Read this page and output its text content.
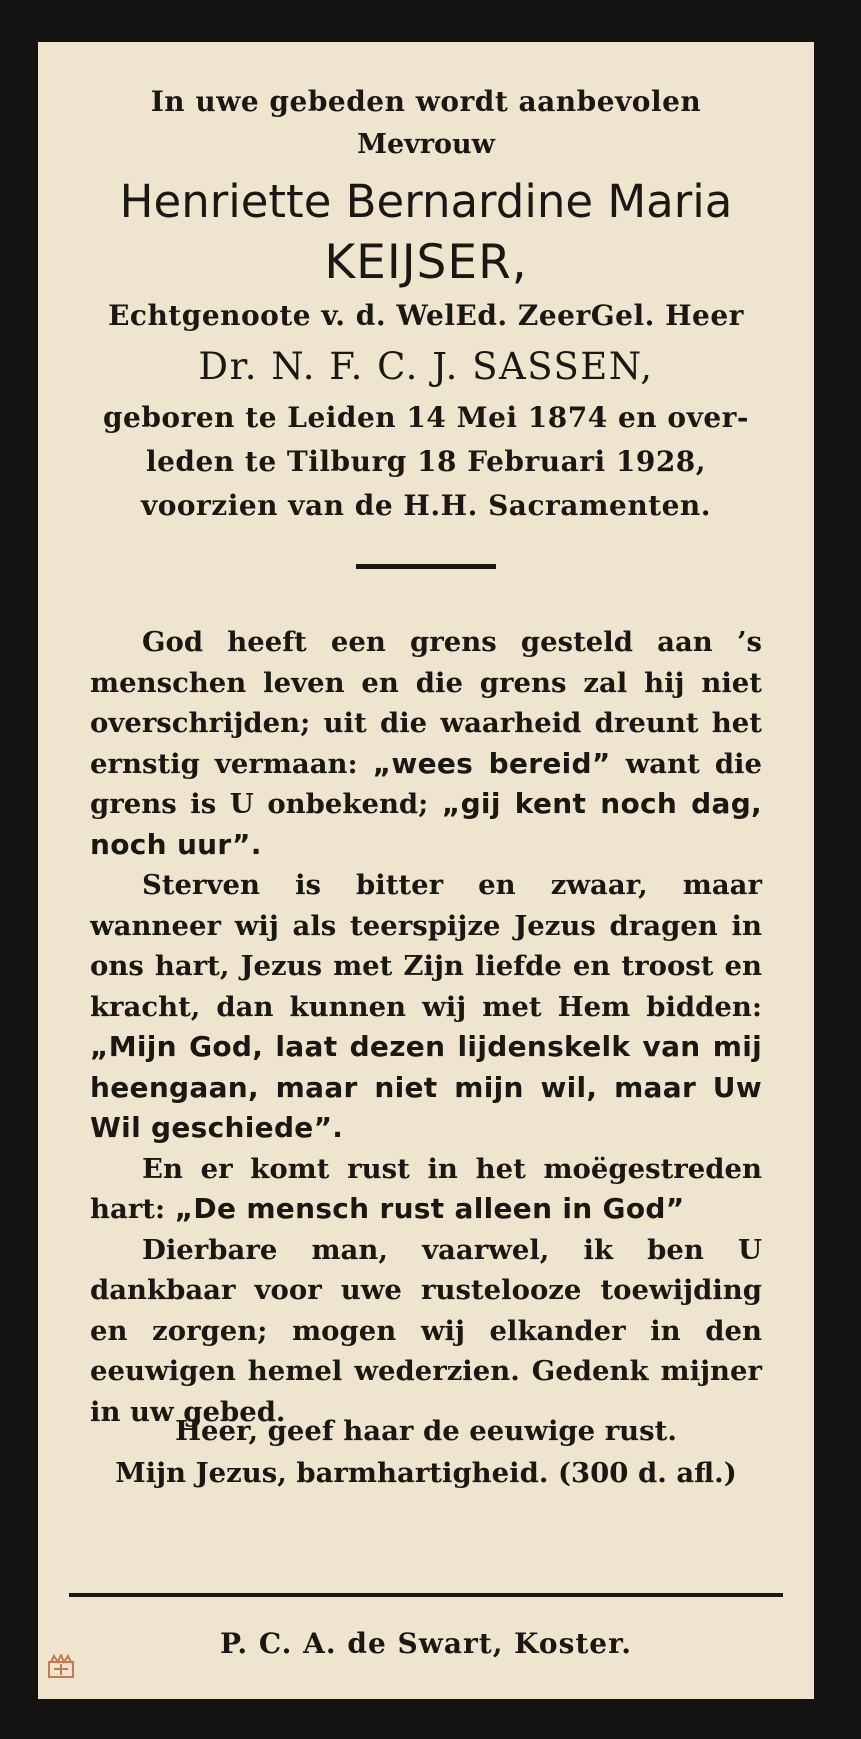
In uwe gebeden wordt aanbevolen
Mevrouw
Henriette Bernardine Maria
KEIJSER,
Echtgenoote v. d. WelEd. ZeerGel. Heer
Dr. N. F. C. J. SASSEN,
geboren te Leiden 14 Mei 1874 en over-
leden te Tilburg 18 Februari 1928,
voorzien van de H.H. Sacramenten.

God heeft een grens gesteld aan ’s menschen leven en die grens zal hij niet overschrijden; uit die waarheid dreunt het ernstig vermaan: „wees bereid” want die grens is U onbekend; „gij kent noch dag, noch uur”.

Sterven is bitter en zwaar, maar wanneer wij als teerspijze Jezus dragen in ons hart, Jezus met Zijn liefde en troost en kracht, dan kunnen wij met Hem bidden: „Mijn God, laat dezen lijdenskelk van mij heengaan, maar niet mijn wil, maar Uw Wil geschiede”.

En er komt rust in het moëgestreden hart: „De mensch rust alleen in God”

Dierbare man, vaarwel, ik ben U dankbaar voor uwe rustelooze toewijding en zorgen; mogen wij elkander in den eeuwigen hemel wederzien. Gedenk mijner in uw gebed.

Heer, geef haar de eeuwige rust.
Mijn Jezus, barmhartigheid. (300 d. afl.)
P. C. A. de Swart, Koster.
